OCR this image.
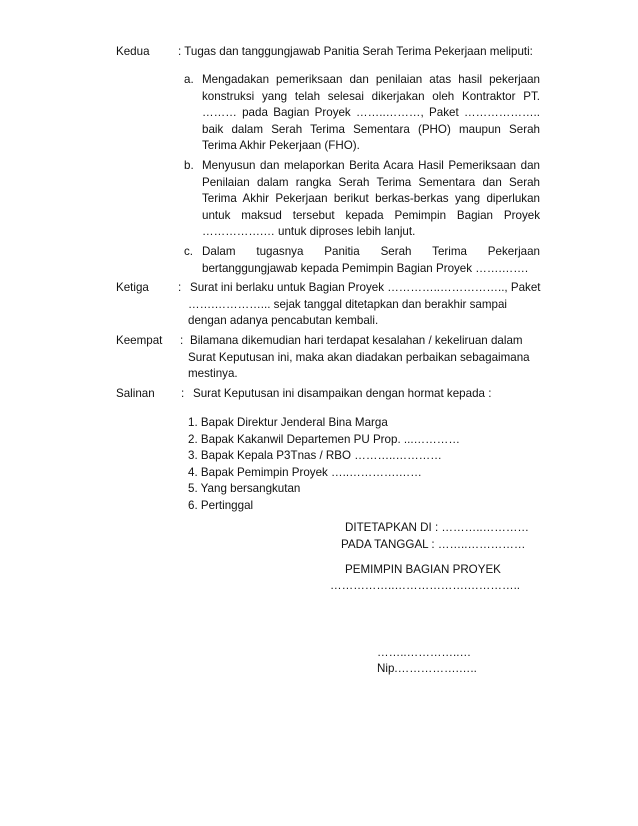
Kedua : Tugas dan tanggungjawab Panitia Serah Terima Pekerjaan meliputi:
a. Mengadakan pemeriksaan dan penilaian atas hasil pekerjaan
konstruksi yang telah selesai dikerjakan oleh Kontraktor PT.
……… pada Bagian Proyek ……..………, Paket ………………..
baik dalam Serah Terima Sementara (PHO) maupun Serah
Terima Akhir Pekerjaan (FHO).
b. Menyusun dan melaporkan Berita Acara Hasil Pemeriksaan dan
Penilaian dalam rangka Serah Terima Sementara dan Serah
Terima Akhir Pekerjaan berikut berkas-berkas yang diperlukan
untuk maksud tersebut kepada Pemimpin Bagian Proyek
…………….… untuk diproses lebih lanjut.
c. Dalam tugasnya Panitia Serah Terima Pekerjaan
bertanggungjawab kepada Pemimpin Bagian Proyek …….…….
Ketiga	: Surat ini berlaku untuk Bagian Proyek …………..…………….., Paket
…….…………... sejak tanggal ditetapkan dan berakhir sampai
dengan adanya pencabutan kembali.
Keempat : Bilamana dikemudian hari terdapat kesalahan / kekeliruan dalam
Surat Keputusan ini, maka akan diadakan perbaikan sebagaimana
mestinya.
Salinan : Surat Keputusan ini disampaikan dengan hormat kepada :
1. Bapak Direktur Jenderal Bina Marga
2. Bapak Kakanwil Departemen PU Prop. ...…………
3. Bapak Kepala P3Tnas / RBO ………..…………
4. Bapak Pemimpin Proyek …..………….……
5. Yang bersangkutan
6. Pertinggal
DITETAPKAN DI : ………..…………
PADA TANGGAL : ……..……………
PEMIMPIN BAGIAN PROYEK
……………..……………….…………..
……..…………..…
Nip.…………….…..
